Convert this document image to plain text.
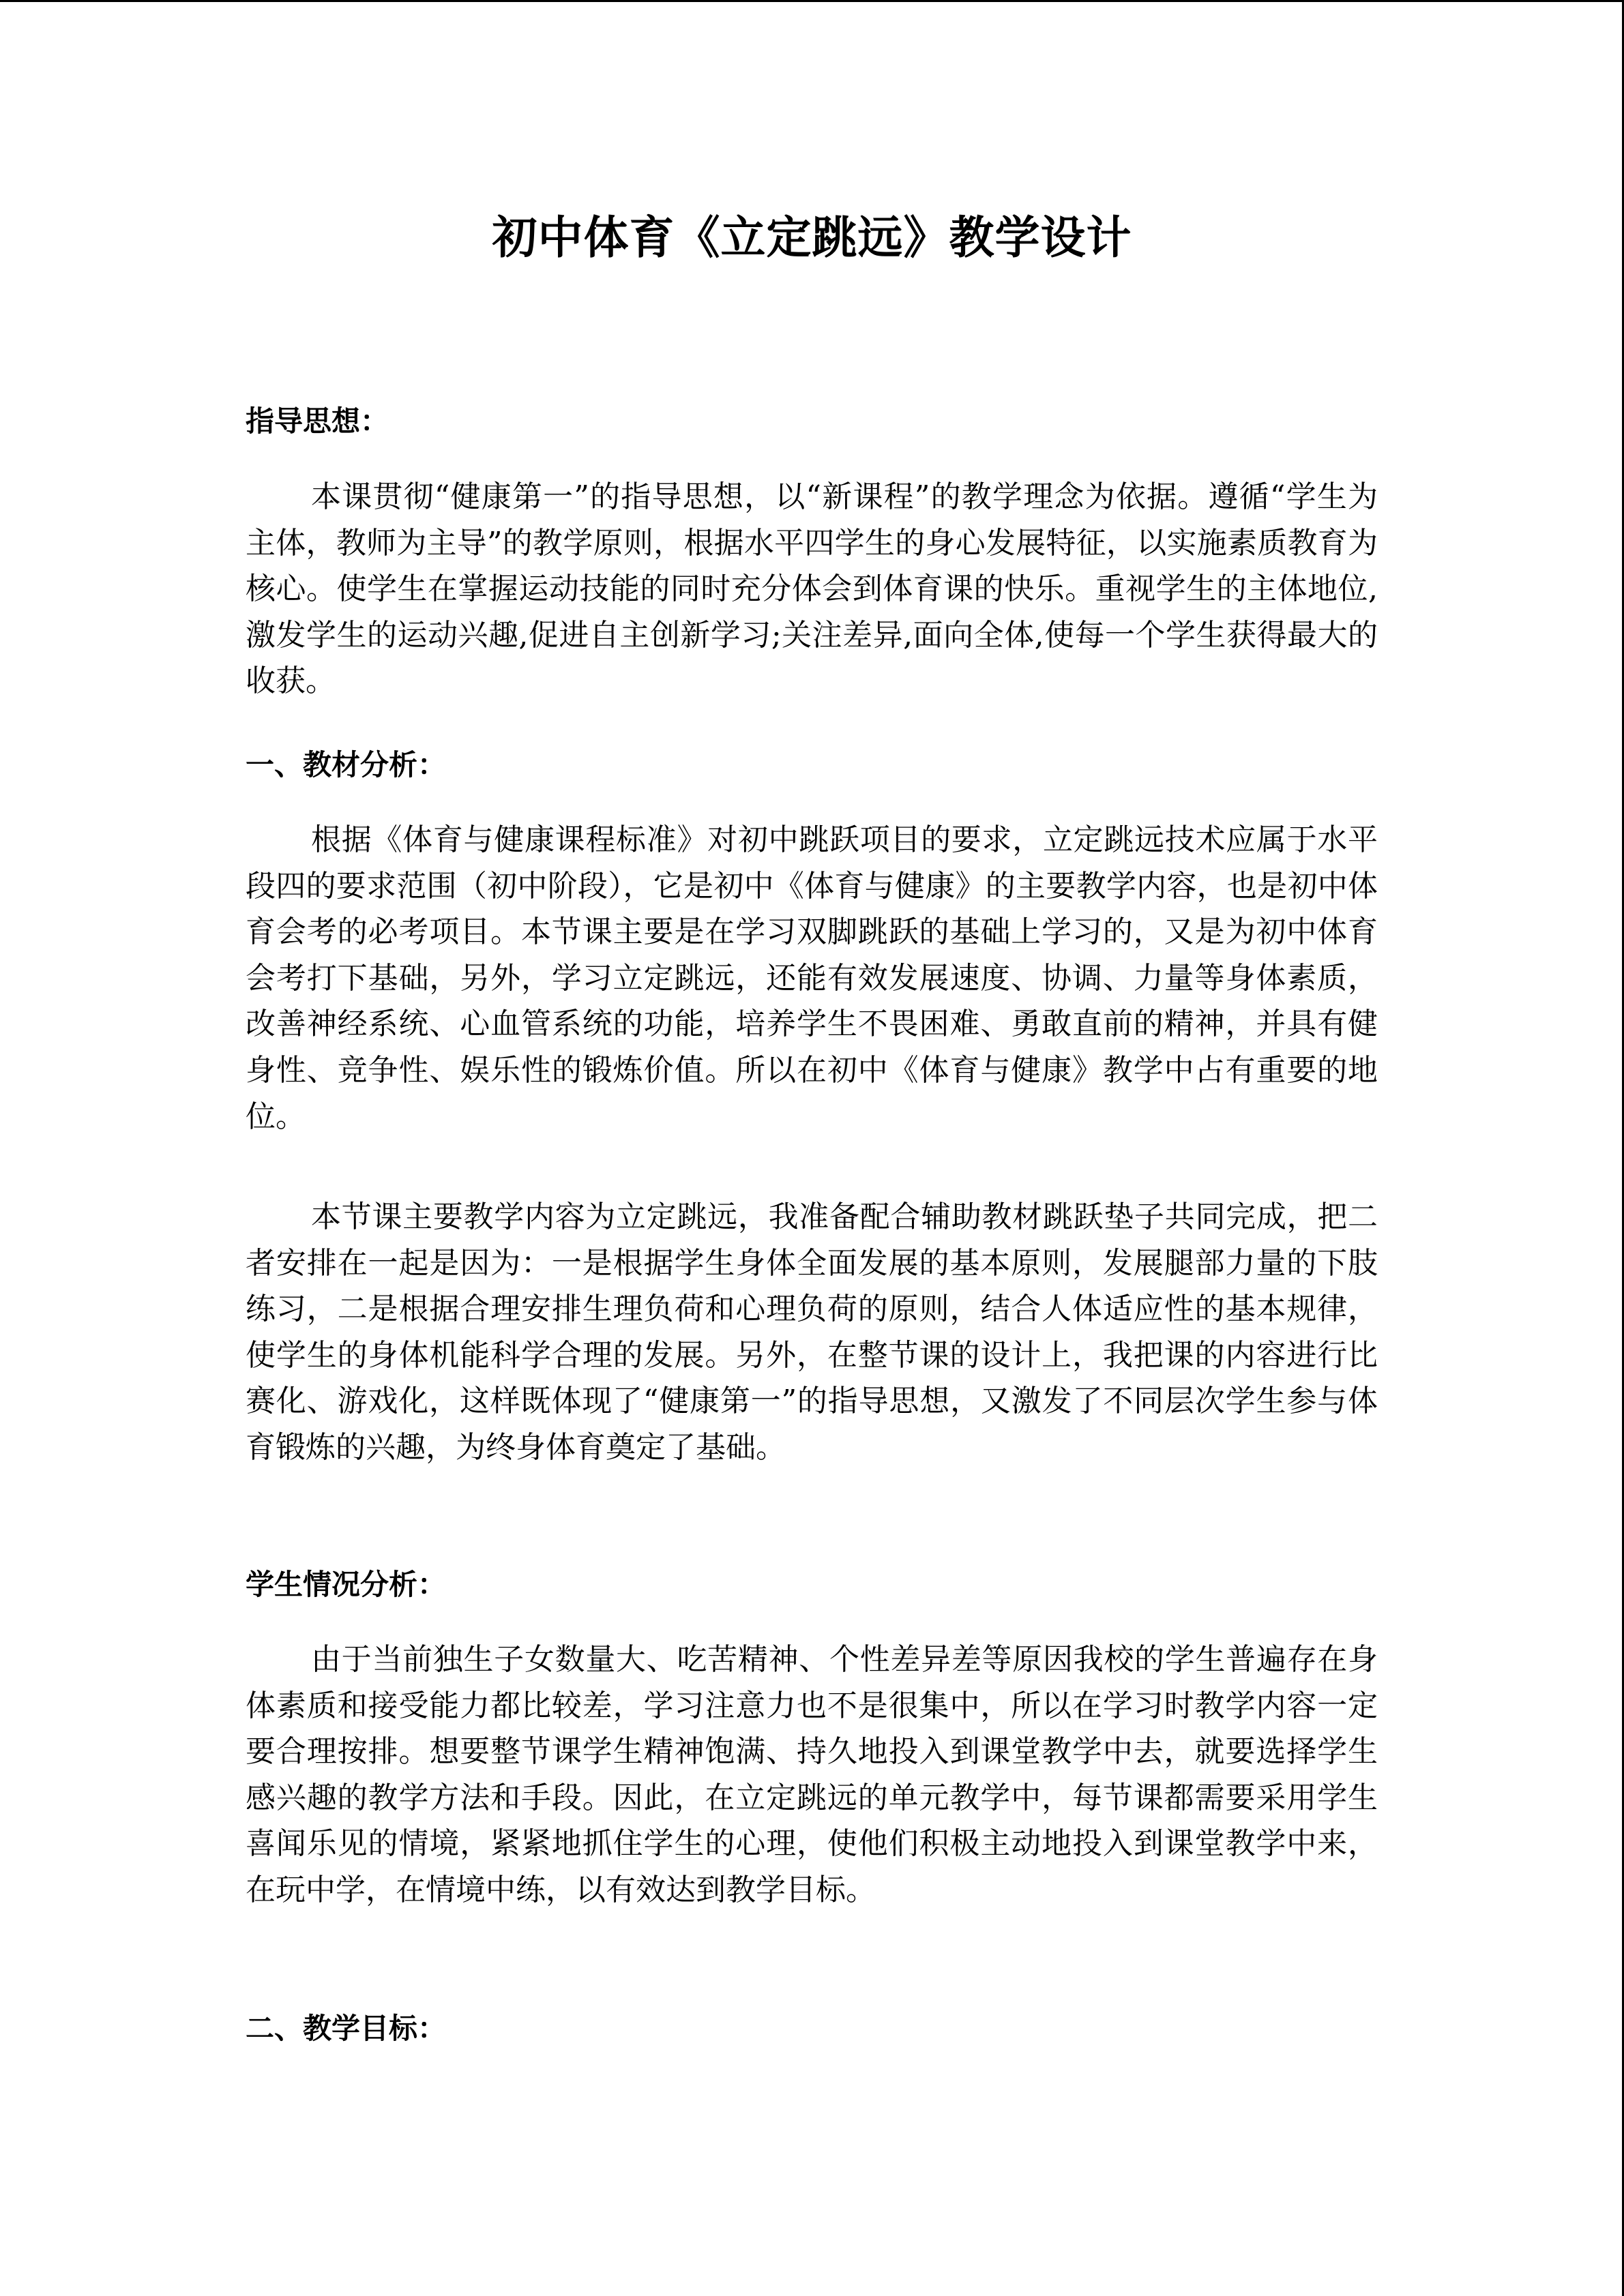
初中体育《立定跳远》教学设计
指导思想：
本课贯彻“健康第一”的指导思想，以“新课程”的教学理念为依据。遵循“学生为主体，教师为主导”的教学原则，根据水平四学生的身心发展特征，以实施素质教育为核心。使学生在掌握运动技能的同时充分体会到体育课的快乐。重视学生的主体地位,激发学生的运动兴趣,促进自主创新学习;关注差异,面向全体,使每一个学生获得最大的收获。
一、教材分析：
根据《体育与健康课程标准》对初中跳跃项目的要求，立定跳远技术应属于水平段四的要求范围（初中阶段），它是初中《体育与健康》的主要教学内容，也是初中体育会考的必考项目。本节课主要是在学习双脚跳跃的基础上学习的，又是为初中体育会考打下基础，另外，学习立定跳远，还能有效发展速度、协调、力量等身体素质，改善神经系统、心血管系统的功能，培养学生不畏困难、勇敢直前的精神，并具有健身性、竞争性、娱乐性的锻炼价值。所以在初中《体育与健康》教学中占有重要的地位。
本节课主要教学内容为立定跳远，我准备配合辅助教材跳跃垫子共同完成，把二者安排在一起是因为：一是根据学生身体全面发展的基本原则，发展腿部力量的下肢练习，二是根据合理安排生理负荷和心理负荷的原则，结合人体适应性的基本规律，使学生的身体机能科学合理的发展。另外，在整节课的设计上，我把课的内容进行比赛化、游戏化，这样既体现了“健康第一”的指导思想，又激发了不同层次学生参与体育锻炼的兴趣，为终身体育奠定了基础。
学生情况分析：
由于当前独生子女数量大、吃苦精神、个性差异差等原因我校的学生普遍存在身体素质和接受能力都比较差，学习注意力也不是很集中，所以在学习时教学内容一定要合理按排。想要整节课学生精神饱满、持久地投入到课堂教学中去，就要选择学生感兴趣的教学方法和手段。因此，在立定跳远的单元教学中，每节课都需要采用学生喜闻乐见的情境，紧紧地抓住学生的心理，使他们积极主动地投入到课堂教学中来，在玩中学，在情境中练，以有效达到教学目标。
二、教学目标：
